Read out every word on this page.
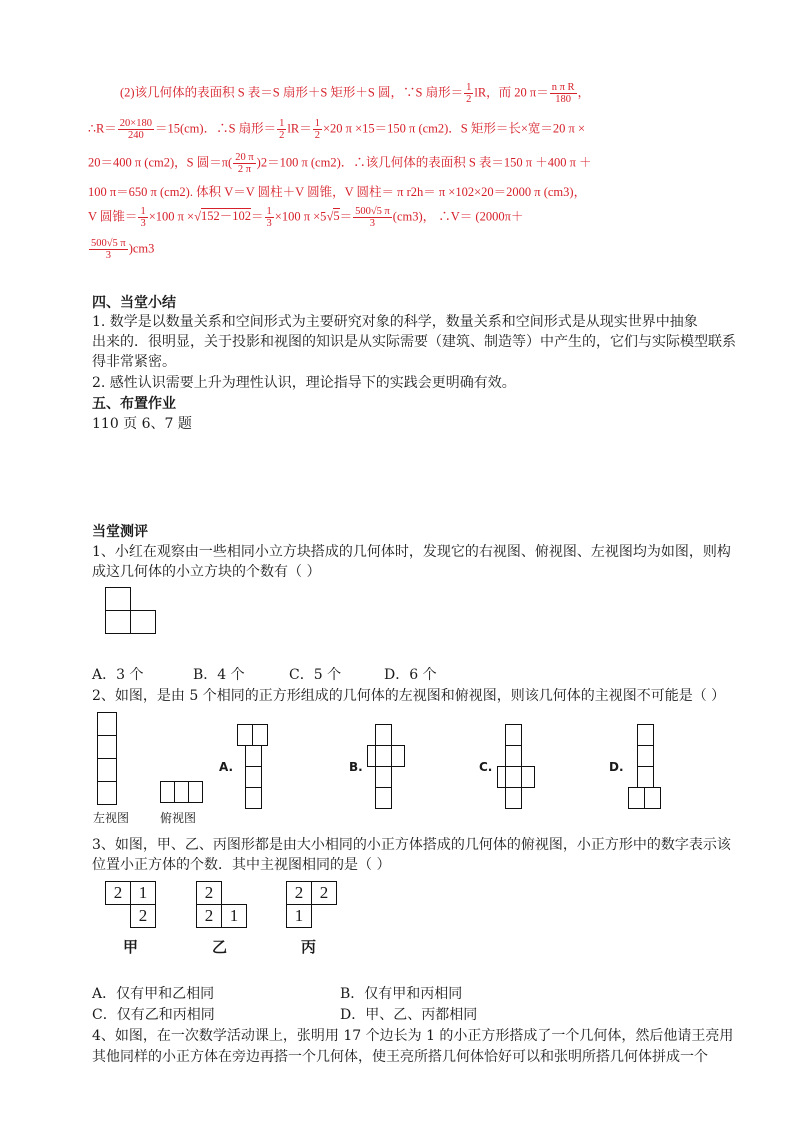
(2)该几何体的表面积 S 表＝S 扇形＋S 矩形＋S 圆，∵S 扇形＝ $\frac{1}{2}$ lR，而 20 $\pi= \frac{\text{n π R}}{180}$ ，
∴R＝ $\frac{20\times 180}{240} =15(cm)$．∴S 扇形＝ $\frac{1}{2} lR= \frac{1}{2} \times 20$ π ×15＝150 π (cm2)．S 矩形＝长×宽＝20 π ×
20＝400 π (cm2)，S 圆$=\pi( \frac{20 \pi}{2 \pi} )2=100$ π (cm2)．∴该几何体的表面积 S 表＝150 π ＋400 π ＋
100 π＝650 π (cm2). 体积 V＝V 圆柱＋V 圆锥，V 圆柱＝ π r2h＝ π ×102×20＝2000 π (cm3)，
V 圆锥＝ $\frac{1}{3} \times 100$ $\pi \times√152-102= \frac{1}{3} \times 100$ $\pi \times 5√5= \frac{500√5 \pi}{3} (cm3)$， ∴V＝ (2000π＋
$\frac{500√5 \pi}{3} )cm3$
四、当堂小结
1. 数学是以数量关系和空间形式为主要研究对象的科学，数量关系和空间形式是从现实世界中抽象
出来的．很明显，关于投影和视图的知识是从实际需要（建筑、制造等）中产生的，它们与实际模型联系
得非常紧密。
2. 感性认识需要上升为理性认识，理论指导下的实践会更明确有效。
五、布置作业
110 页 6、7 题
当堂测评
1、小红在观察由一些相同小立方块搭成的几何体时，发现它的右视图、俯视图、左视图均为如图，则构
成这几何体的小立方块的个数有（ ）
A．3 个	B．4 个	C．5 个	D．6 个
2、如图，是由 5 个相同的正方形组成的几何体的左视图和俯视图，则该几何体的主视图不可能是（ ）
左视图	俯视图
A.	B.	C.	D.
3、如图，甲、乙、丙图形都是由大小相同的小正方体搭成的几何体的俯视图，小正方形中的数字表示该
位置小正方体的个数．其中主视图相同的是（ ）
2 1
2
2
2 1
2 2
1
甲	乙	丙
A．仅有甲和乙相同	B．仅有甲和丙相同
C．仅有乙和丙相同	D．甲、乙、丙都相同
4、如图，在一次数学活动课上，张明用 17 个边长为 1 的小正方形搭成了一个几何体，然后他请王亮用
其他同样的小正方体在旁边再搭一个几何体，使王亮所搭几何体恰好可以和张明所搭几何体拼成一个
